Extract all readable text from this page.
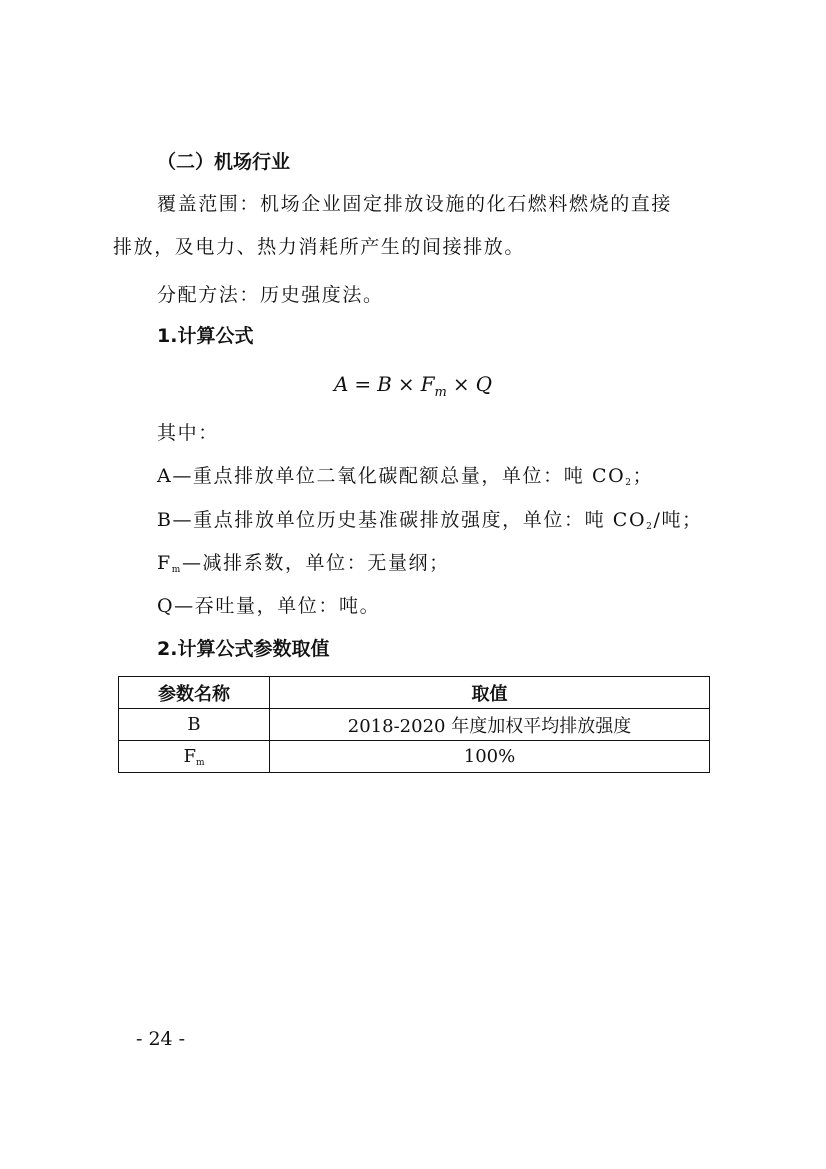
（二）机场行业
覆盖范围：机场企业固定排放设施的化石燃料燃烧的直接
排放，及电力、热力消耗所产生的间接排放。
分配方法：历史强度法。
1.计算公式
$A = B \times F_m \times Q$
其中：
A—重点排放单位二氧化碳配额总量，单位：吨 $CO_2$；
B—重点排放单位历史基准碳排放强度，单位：吨 $CO_2/$吨；
$F_m—$减排系数，单位：无量纲；
Q—吞吐量，单位：吨。
2.计算公式参数取值
参数名称	取值
B	2018-2020 年度加权平均排放强度
$F_m$	100%
- 24 -
